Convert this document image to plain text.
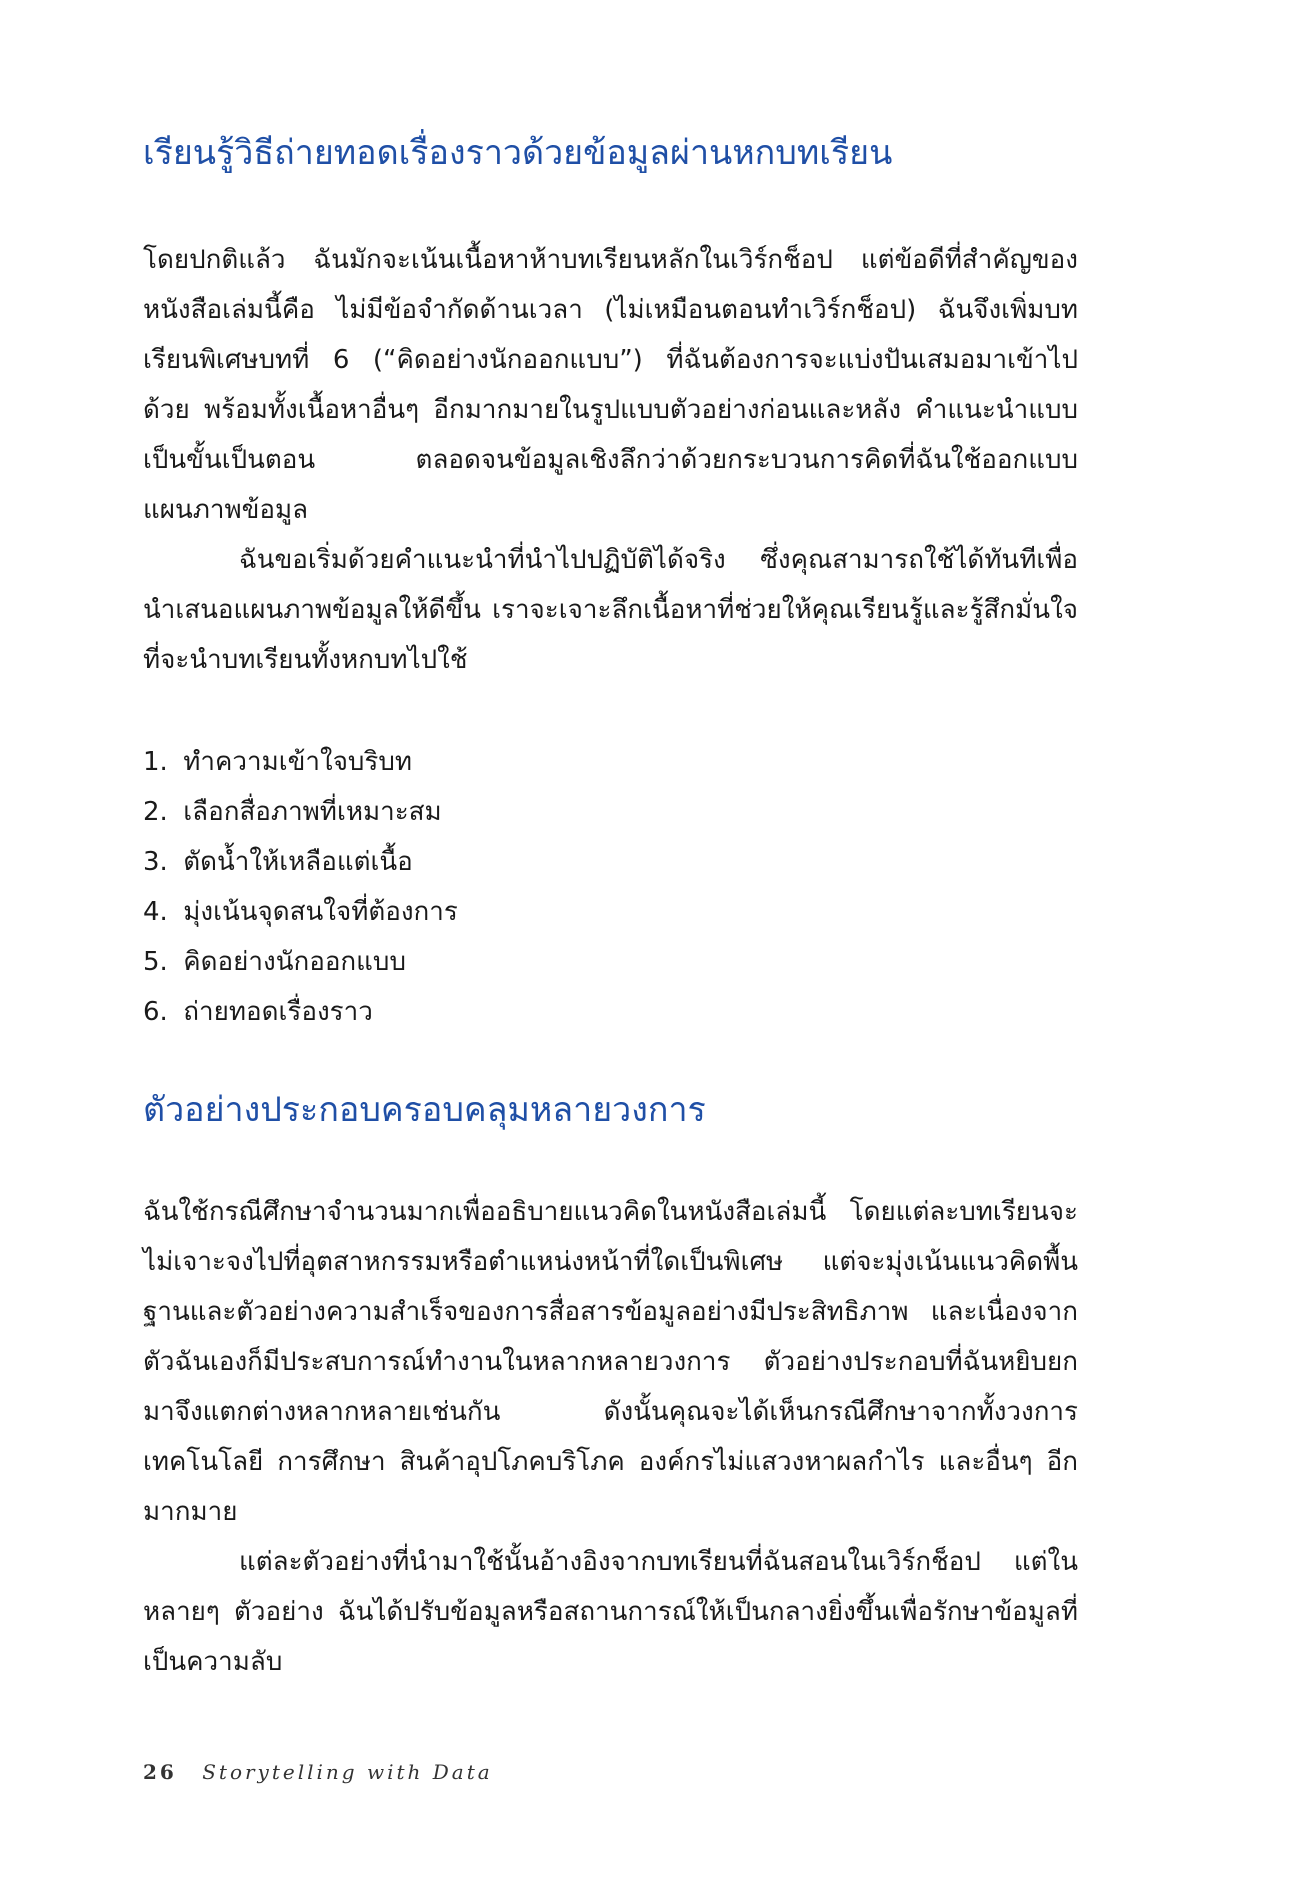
เรียนรู้วิธีถ่ายทอดเรื่องราวด้วยข้อมูลผ่านหกบทเรียน

โดยปกติแล้ว ฉันมักจะเน้นเนื้อหาห้าบทเรียนหลักในเวิร์กช็อป แต่ข้อดีที่สำคัญของหนังสือเล่มนี้คือ ไม่มีข้อจำกัดด้านเวลา (ไม่เหมือนตอนทำเวิร์กช็อป) ฉันจึงเพิ่มบทเรียนพิเศษบทที่ 6 (“คิดอย่างนักออกแบบ”) ที่ฉันต้องการจะแบ่งปันเสมอมาเข้าไปด้วย พร้อมทั้งเนื้อหาอื่นๆ อีกมากมายในรูปแบบตัวอย่างก่อนและหลัง คำแนะนำแบบเป็นขั้นเป็นตอน ตลอดจนข้อมูลเชิงลึกว่าด้วยกระบวนการคิดที่ฉันใช้ออกแบบแผนภาพข้อมูล

ฉันขอเริ่มด้วยคำแนะนำที่นำไปปฏิบัติได้จริง ซึ่งคุณสามารถใช้ได้ทันทีเพื่อนำเสนอแผนภาพข้อมูลให้ดีขึ้น เราจะเจาะลึกเนื้อหาที่ช่วยให้คุณเรียนรู้และรู้สึกมั่นใจที่จะนำบทเรียนทั้งหกบทไปใช้

1. ทำความเข้าใจบริบท
2. เลือกสื่อภาพที่เหมาะสม
3. ตัดน้ำให้เหลือแต่เนื้อ
4. มุ่งเน้นจุดสนใจที่ต้องการ
5. คิดอย่างนักออกแบบ
6. ถ่ายทอดเรื่องราว
ตัวอย่างประกอบครอบคลุมหลายวงการ

ฉันใช้กรณีศึกษาจำนวนมากเพื่ออธิบายแนวคิดในหนังสือเล่มนี้ โดยแต่ละบทเรียนจะไม่เจาะจงไปที่อุตสาหกรรมหรือตำแหน่งหน้าที่ใดเป็นพิเศษ แต่จะมุ่งเน้นแนวคิดพื้นฐานและตัวอย่างความสำเร็จของการสื่อสารข้อมูลอย่างมีประสิทธิภาพ และเนื่องจากตัวฉันเองก็มีประสบการณ์ทำงานในหลากหลายวงการ ตัวอย่างประกอบที่ฉันหยิบยกมาจึงแตกต่างหลากหลายเช่นกัน ดังนั้นคุณจะได้เห็นกรณีศึกษาจากทั้งวงการเทคโนโลยี การศึกษา สินค้าอุปโภคบริโภค องค์กรไม่แสวงหาผลกำไร และอื่นๆ อีกมากมาย

แต่ละตัวอย่างที่นำมาใช้นั้นอ้างอิงจากบทเรียนที่ฉันสอนในเวิร์กช็อป แต่ในหลายๆ ตัวอย่าง ฉันได้ปรับข้อมูลหรือสถานการณ์ให้เป็นกลางยิ่งขึ้นเพื่อรักษาข้อมูลที่เป็นความลับ

26 Storytelling with Data
